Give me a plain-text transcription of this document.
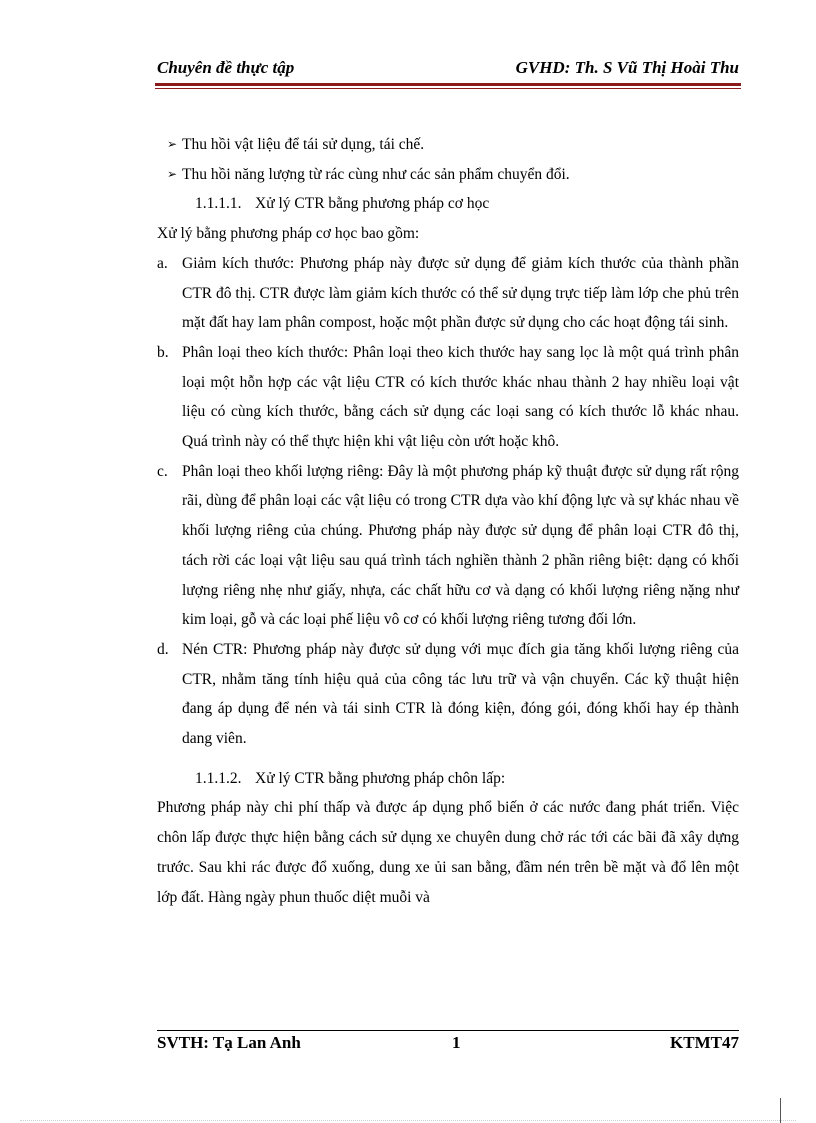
Chuyên đề thực tập	GVHD: Th. S Vũ Thị Hoài Thu
➢ Thu hồi vật liệu để tái sử dụng, tái chế.
➢ Thu hồi năng lượng từ rác cùng như các sản phẩm chuyển đổi.
1.1.1.1. Xử lý CTR bằng phương pháp cơ học
Xử lý bằng phương pháp cơ học bao gồm:
a. Giảm kích thước: Phương pháp này được sử dụng để giảm kích thước của thành phần CTR đô thị. CTR được làm giảm kích thước có thể sử dụng trực tiếp làm lớp che phủ trên mặt đất hay lam phân compost, hoặc một phần được sử dụng cho các hoạt động tái sinh.
b. Phân loại theo kích thước: Phân loại theo kich thước hay sang lọc là một quá trình phân loại một hỗn hợp các vật liệu CTR có kích thước khác nhau thành 2 hay nhiều loại vật liệu có cùng kích thước, bằng cách sử dụng các loại sang có kích thước lỗ khác nhau. Quá trình này có thể thực hiện khi vật liệu còn ướt hoặc khô.
c. Phân loại theo khối lượng riêng: Đây là một phương pháp kỹ thuật được sử dụng rất rộng rãi, dùng để phân loại các vật liệu có trong CTR dựa vào khí động lực và sự khác nhau về khối lượng riêng của chúng. Phương pháp này được sử dụng để phân loại CTR đô thị, tách rời các loại vật liệu sau quá trình tách nghiền thành 2 phần riêng biệt: dạng có khối lượng riêng nhẹ như giấy, nhựa, các chất hữu cơ và dạng có khối lượng riêng nặng như kim loại, gỗ và các loại phế liệu vô cơ có khối lượng riêng tương đối lớn.
d. Nén CTR: Phương pháp này được sử dụng với mục đích gia tăng khối lượng riêng của CTR, nhằm tăng tính hiệu quả của công tác lưu trữ và vận chuyển. Các kỹ thuật hiện đang áp dụng để nén và tái sinh CTR là đóng kiện, đóng gói, đóng khối hay ép thành dang viên.
1.1.1.2. Xử lý CTR bằng phương pháp chôn lấp:
Phương pháp này chi phí thấp và được áp dụng phổ biến ở các nước đang phát triển. Việc chôn lấp được thực hiện bằng cách sử dụng xe chuyên dung chở rác tới các bãi đã xây dựng trước. Sau khi rác được đổ xuống, dung xe ủi san bằng, đầm nén trên bề mặt và đổ lên một lớp đất. Hàng ngày phun thuốc diệt muỗi và
SVTH: Tạ Lan Anh	1	KTMT47
